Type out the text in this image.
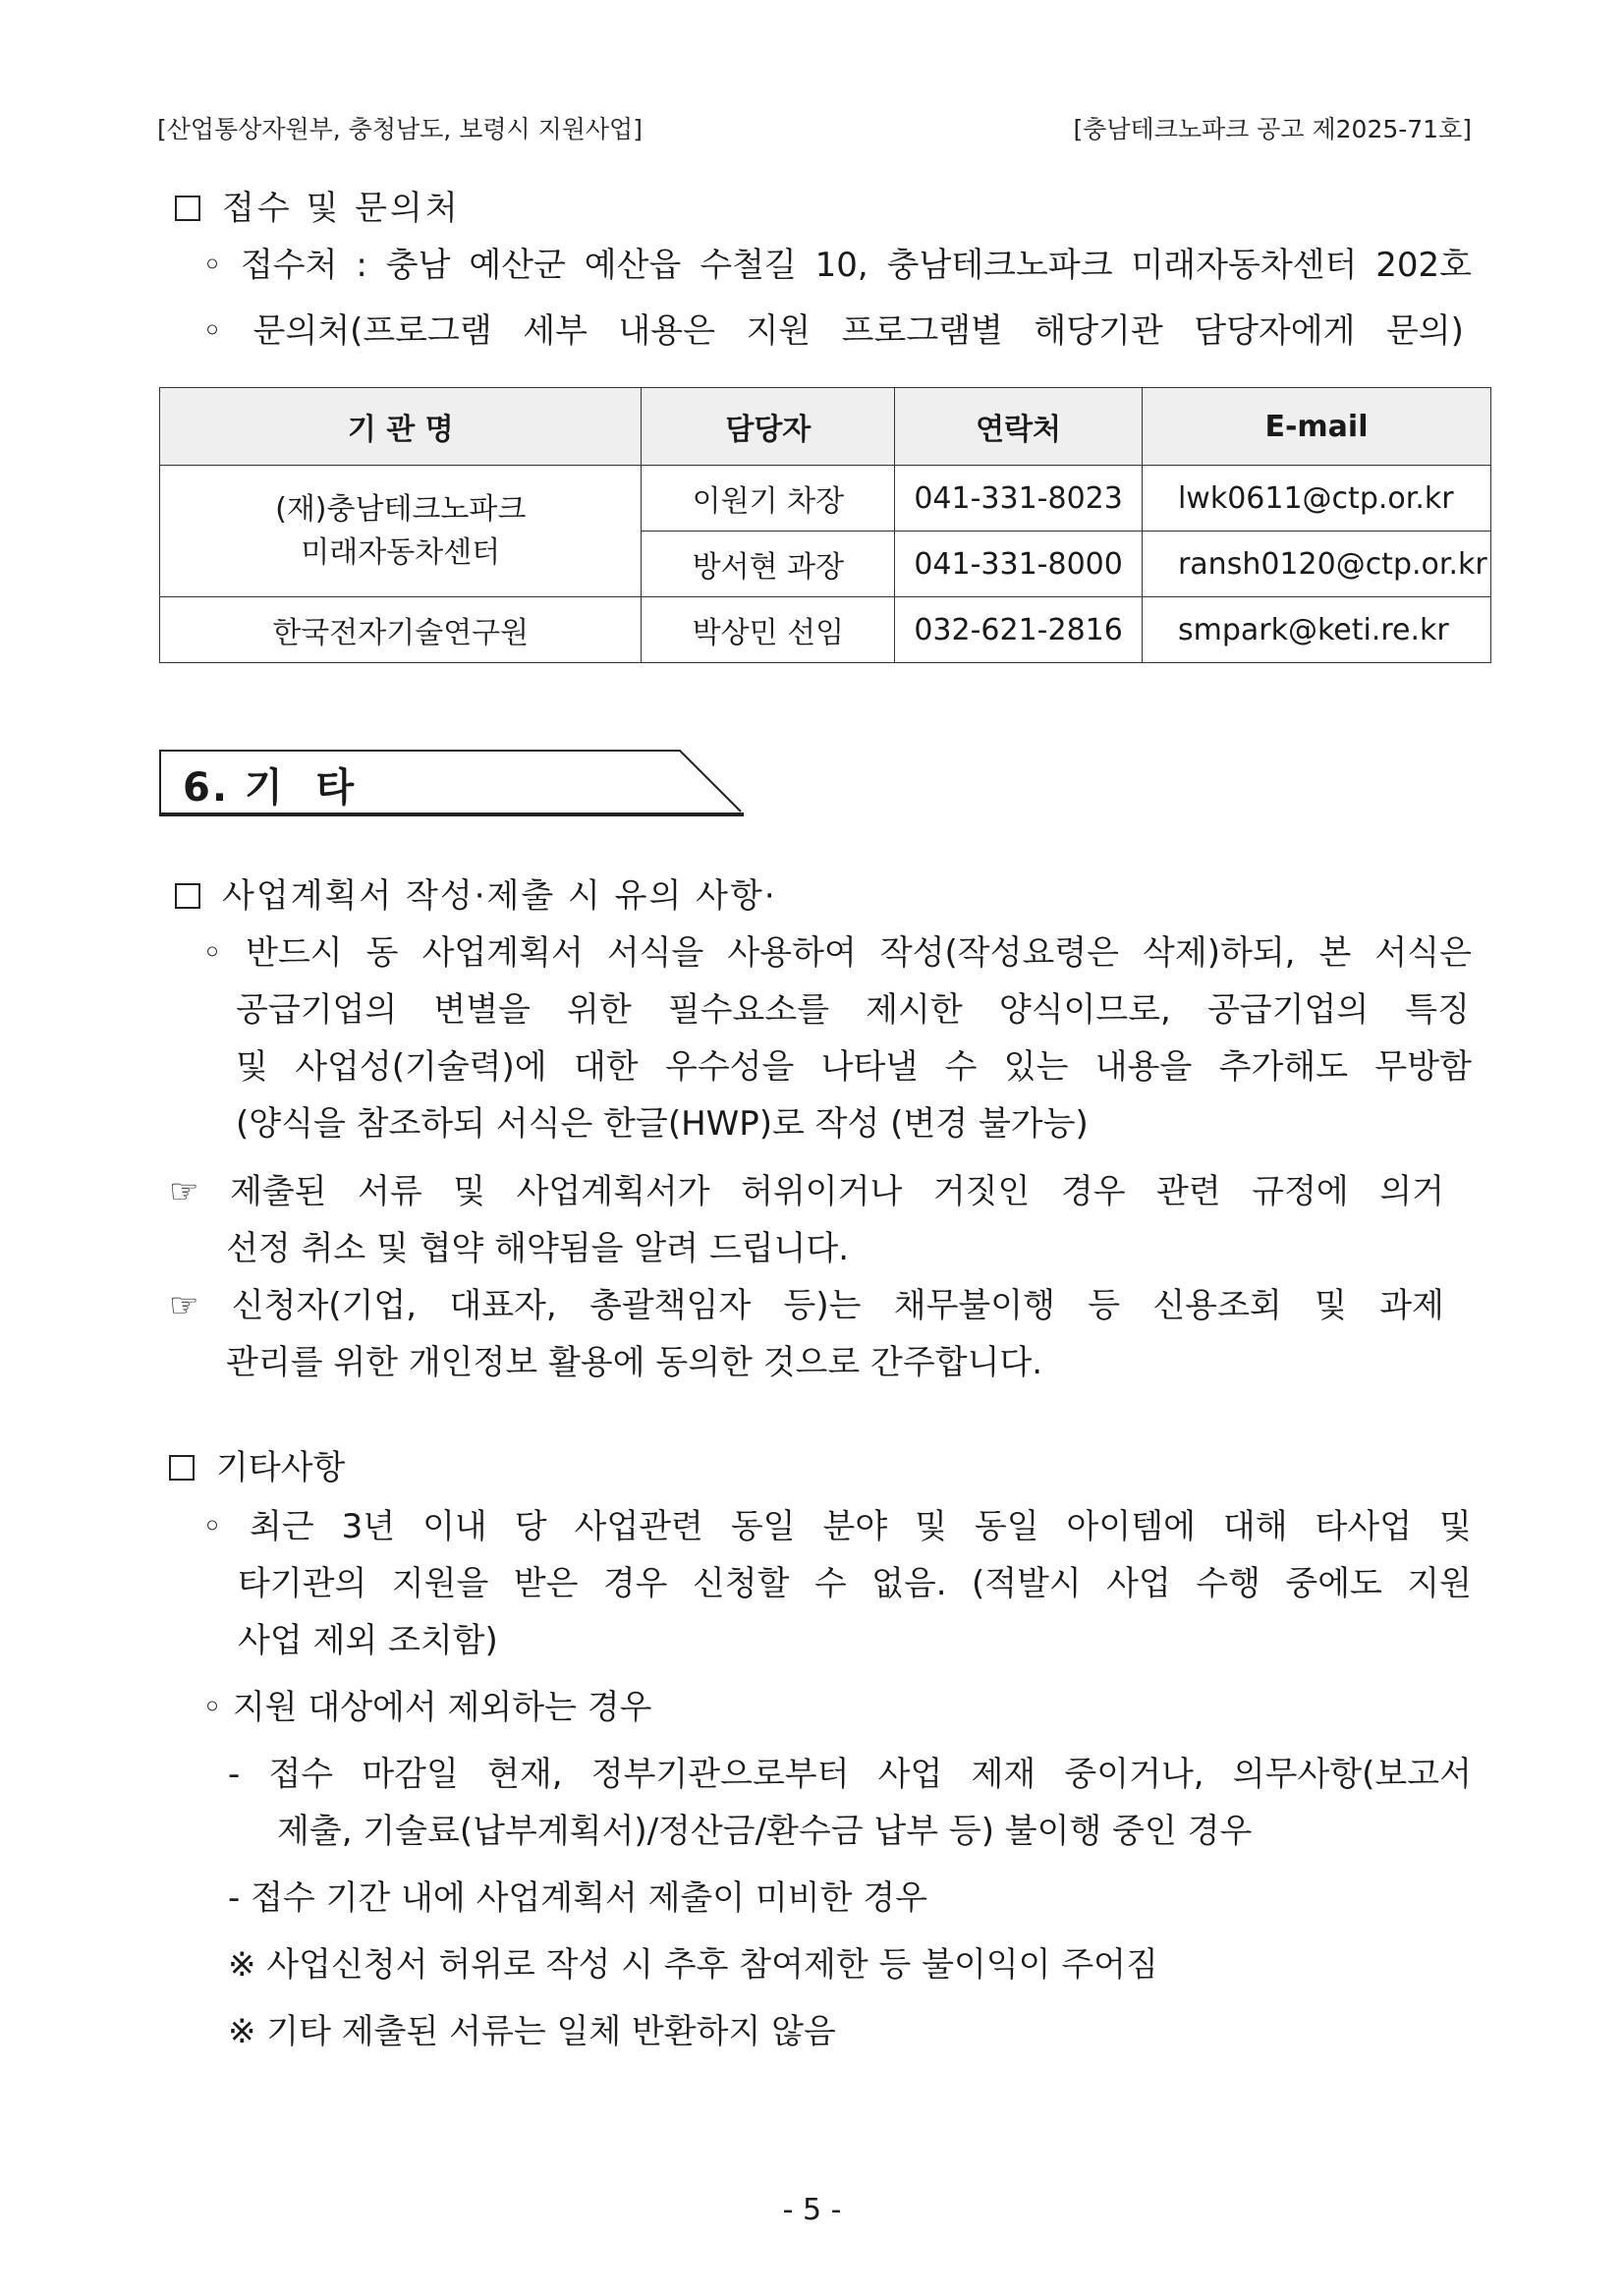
[산업통상자원부, 충청남도, 보령시 지원사업]	[충남테크노파크 공고 제2025-71호]
접수 및 문의처
◦ 접수처 : 충남 예산군 예산읍 수철길 10, 충남테크노파크 미래자동차센터 202호
◦ 문의처(프로그램 세부 내용은 지원 프로그램별 해당기관 담당자에게 문의)
기 관 명	담당자	연락처	E-mail

(재)충남테크노파크
미래자동차센터	이원기 차장	041-331-8023	lwk0611@ctp.or.kr
	방서현 과장	041-331-8000	ransh0120@ctp.or.kr
한국전자기술연구원	박상민 선임	032-621-2816	smpark@keti.re.kr
6. 기  타
사업계획서 작성·제출 시 유의 사항·
◦ 반드시 동 사업계획서 서식을 사용하여 작성(작성요령은 삭제)하되, 본 서식은
공급기업의 변별을 위한 필수요소를 제시한 양식이므로, 공급기업의 특징
및 사업성(기술력)에 대한 우수성을 나타낼 수 있는 내용을 추가해도 무방함
(양식을 참조하되 서식은 한글(HWP)로 작성 (변경 불가능)
☞ 제출된 서류 및 사업계획서가 허위이거나 거짓인 경우 관련 규정에 의거
선정 취소 및 협약 해약됨을 알려 드립니다.
☞ 신청자(기업, 대표자, 총괄책임자 등)는 채무불이행 등 신용조회 및 과제
관리를 위한 개인정보 활용에 동의한 것으로 간주합니다.
기타사항
◦ 최근 3년 이내 당 사업관련 동일 분야 및 동일 아이템에 대해 타사업 및
타기관의 지원을 받은 경우 신청할 수 없음. (적발시 사업 수행 중에도 지원
사업 제외 조치함)
◦ 지원 대상에서 제외하는 경우
- 접수 마감일 현재, 정부기관으로부터 사업 제재 중이거나, 의무사항(보고서
제출, 기술료(납부계획서)/정산금/환수금 납부 등) 불이행 중인 경우
- 접수 기간 내에 사업계획서 제출이 미비한 경우
※ 사업신청서 허위로 작성 시 추후 참여제한 등 불이익이 주어짐
※ 기타 제출된 서류는 일체 반환하지 않음
- 5 -
